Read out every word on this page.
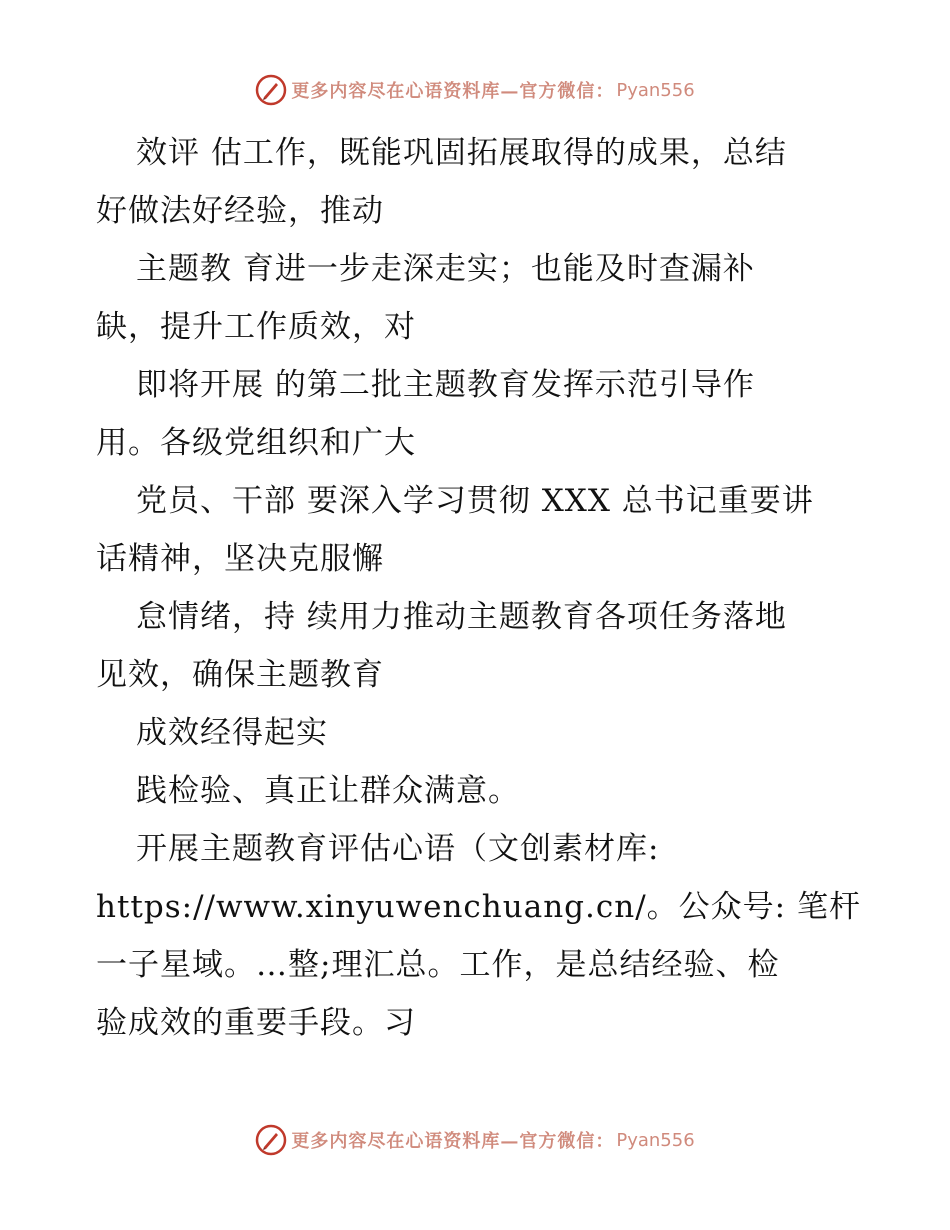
更多内容尽在心语资料库—官方微信： Pyan556
效评 估工作，既能巩固拓展取得的成果，总结
好做法好经验，推动
主题教 育进一步走深走实；也能及时查漏补
缺，提升工作质效，对
即将开展 的第二批主题教育发挥示范引导作
用。各级党组织和广大
党员、干部 要深入学习贯彻 XXX 总书记重要讲
话精神，坚决克服懈
怠情绪，持 续用力推动主题教育各项任务落地
见效，确保主题教育
成效经得起实
践检验、真正让群众满意。
开展主题教育评估心语（文创素材库:
https://www.xinyuwenchuang.cn/。公众号: 笔杆
一子星域。…整;理汇总。工作，是总结经验、检
验成效的重要手段。习
更多内容尽在心语资料库—官方微信： Pyan556
